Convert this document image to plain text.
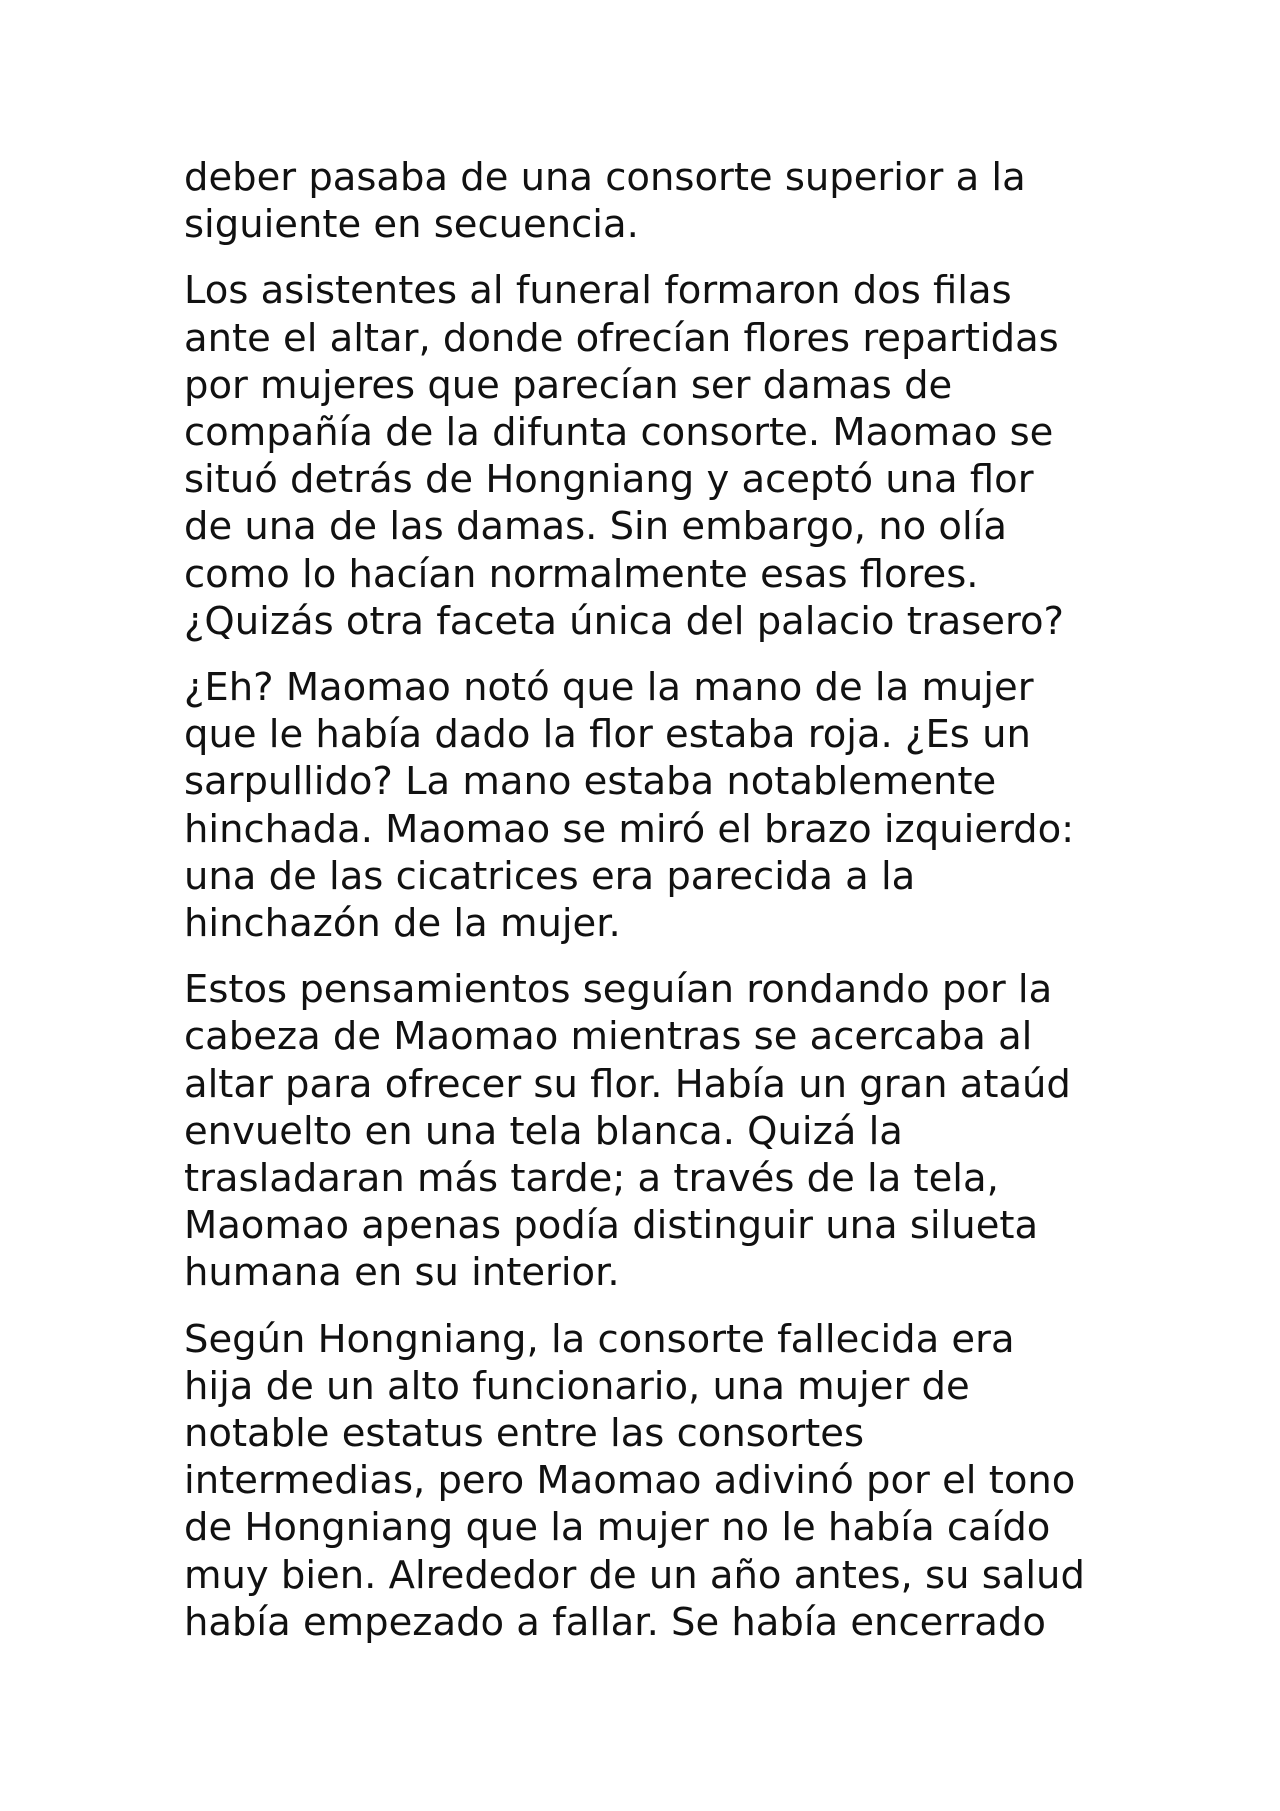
deber pasaba de una consorte superior a la
siguiente en secuencia.

Los asistentes al funeral formaron dos filas
ante el altar, donde ofrecían flores repartidas
por mujeres que parecían ser damas de
compañía de la difunta consorte. Maomao se
situó detrás de Hongniang y aceptó una flor
de una de las damas. Sin embargo, no olía
como lo hacían normalmente esas flores.
¿Quizás otra faceta única del palacio trasero?

¿Eh? Maomao notó que la mano de la mujer
que le había dado la flor estaba roja. ¿Es un
sarpullido? La mano estaba notablemente
hinchada. Maomao se miró el brazo izquierdo:
una de las cicatrices era parecida a la
hinchazón de la mujer.

Estos pensamientos seguían rondando por la
cabeza de Maomao mientras se acercaba al
altar para ofrecer su flor. Había un gran ataúd
envuelto en una tela blanca. Quizá la
trasladaran más tarde; a través de la tela,
Maomao apenas podía distinguir una silueta
humana en su interior.

Según Hongniang, la consorte fallecida era
hija de un alto funcionario, una mujer de
notable estatus entre las consortes
intermedias, pero Maomao adivinó por el tono
de Hongniang que la mujer no le había caído
muy bien. Alrededor de un año antes, su salud
había empezado a fallar. Se había encerrado
